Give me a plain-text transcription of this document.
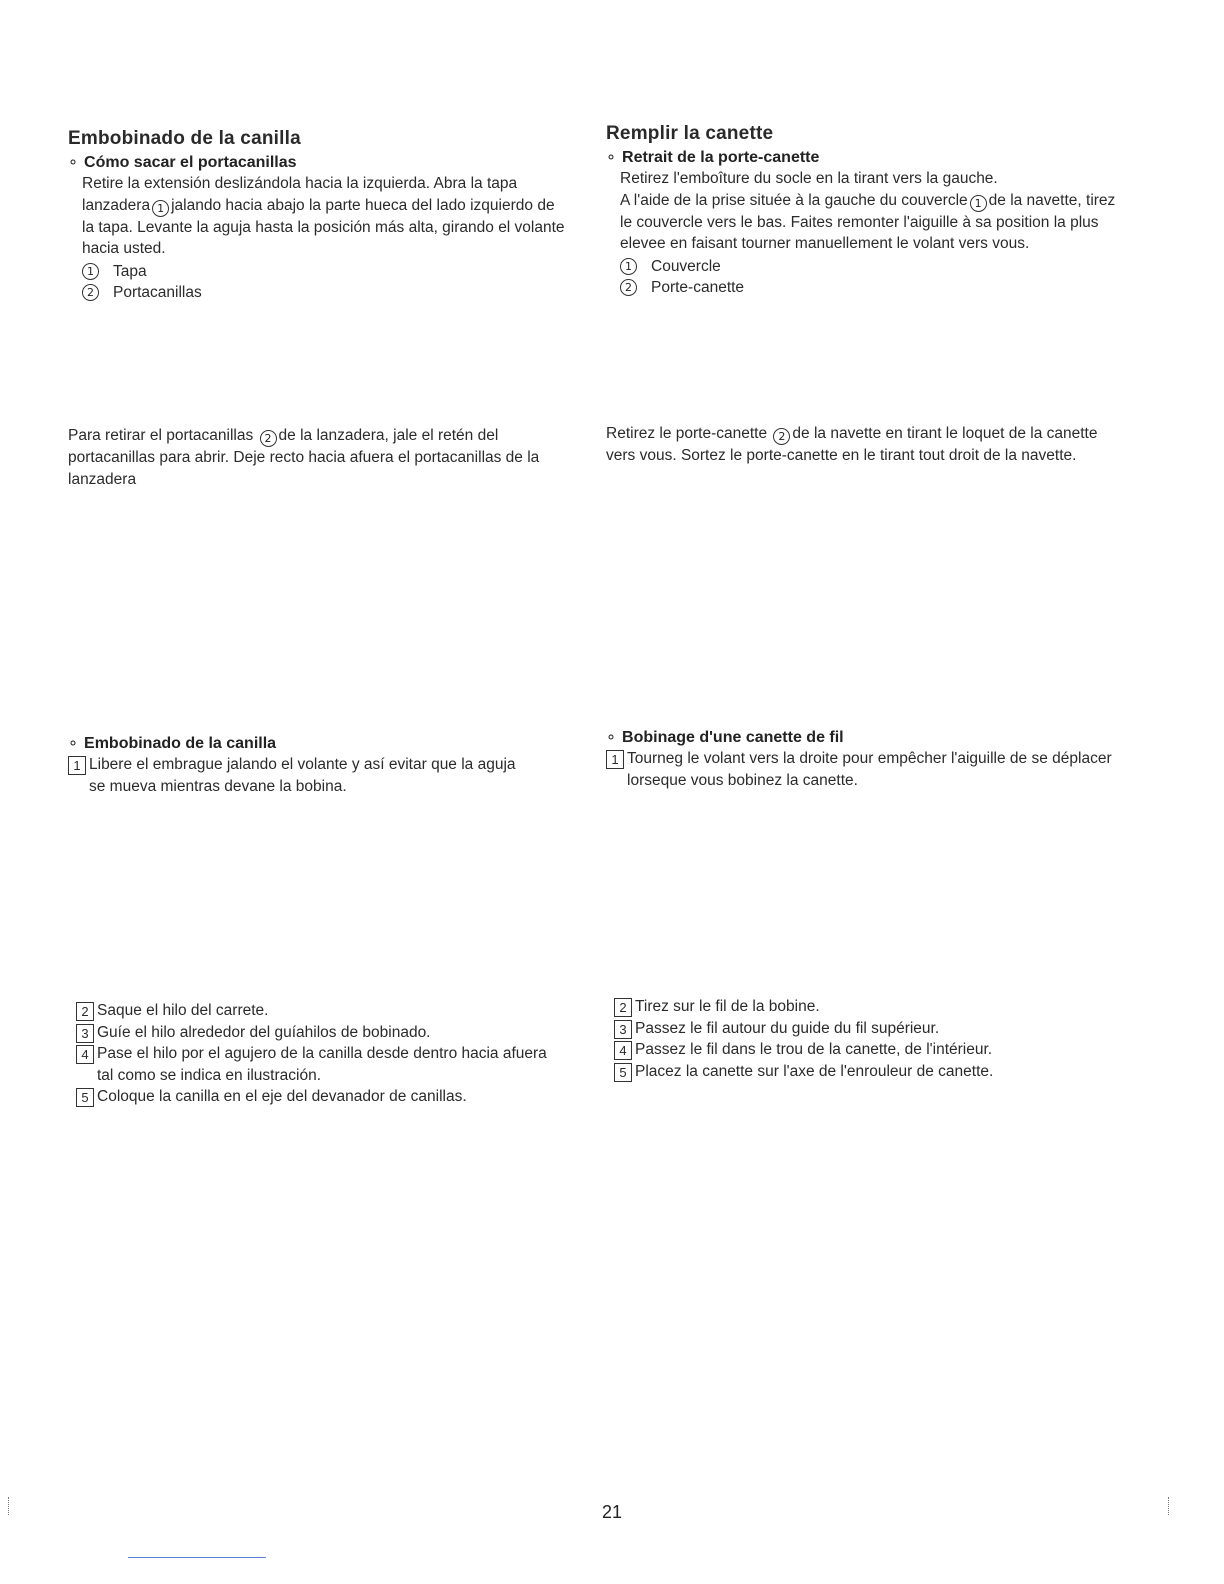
Embobinado de la canilla
∘ Cómo sacar el portacanillas

Retire la extensión deslizándola hacia la izquierda. Abra la tapa lanzadera 1 jalando hacia abajo la parte hueca del lado izquierdo de la tapa. Levante la aguja hasta la posición más alta, girando el volante hacia usted.

1	Tapa
2	Portacanillas

Para retirar el portacanillas 2 de la lanzadera, jale el retén del portacanillas para abrir. Deje recto hacia afuera el portacanillas de la lanzadera

∘ Embobinado de la canilla
1 Libere el embrague jalando el volante y así evitar que la aguja se mueva mientras devane la bobina.
2 Saque el hilo del carrete.
3 Guíe el hilo alrededor del guíahilos de bobinado.
4 Pase el hilo por el agujero de la canilla desde dentro hacia afuera tal como se indica en ilustración.
5 Coloque la canilla en el eje del devanador de canillas.
Remplir la canette
∘ Retrait de la porte-canette

Retirez l'emboîture du socle en la tirant vers la gauche.
A l'aide de la prise située à la gauche du couvercle 1 de la navette, tirez le couvercle vers le bas. Faites remonter l'aiguille à sa position la plus elevee en faisant tourner manuellement le volant vers vous.

1	Couvercle
2	Porte-canette

Retirez le porte-canette 2 de la navette en tirant le loquet de la canette vers vous. Sortez le porte-canette en le tirant tout droit de la navette.

∘ Bobinage d'une canette de fil
1 Tourneg le volant vers la droite pour empêcher l'aiguille de se déplacer lorseque vous bobinez la canette.
2 Tirez sur le fil de la bobine.
3 Passez le fil autour du guide du fil supérieur.
4 Passez le fil dans le trou de la canette, de l'intérieur.
5 Placez la canette sur l'axe de l'enrouleur de canette.
21
